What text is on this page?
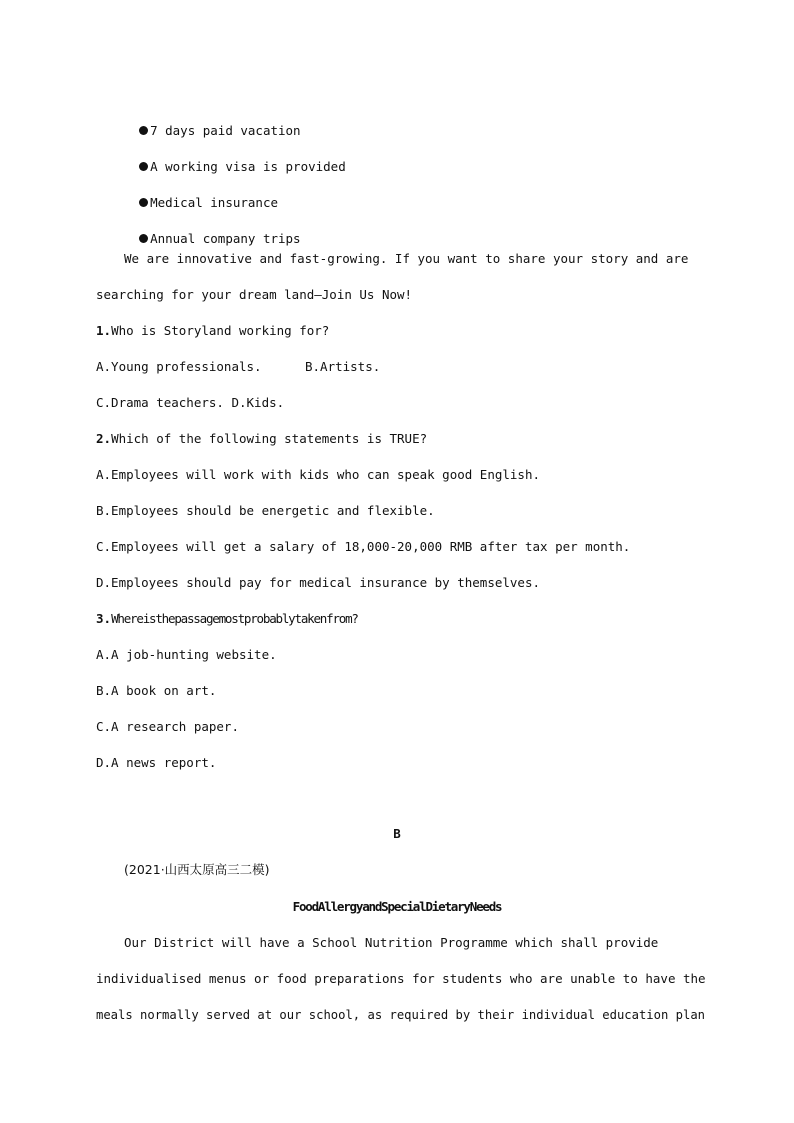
7 days paid vacation

A working visa is provided

Medical insurance

Annual company trips

We are innovative and fast-growing. If you want to share your story and are
searching for your dream land—Join Us Now!
1.Who is Storyland working for?
A.Young professionals.	B.Artists.
C.Drama teachers. D.Kids.
2.Which of the following statements is TRUE?
A.Employees will work with kids who can speak good English.
B.Employees should be energetic and flexible.
C.Employees will get a salary of 18,000-20,000 RMB after tax per month.
D.Employees should pay for medical insurance by themselves.
3.Whereisthepassagemostprobablytakenfrom?
A.A job-hunting website.
B.A book on art.
C.A research paper.
D.A news report.
B
(2021·山西太原高三二模)
FoodAllergyandSpecialDietaryNeeds
Our District will have a School Nutrition Programme which shall provide
individualised menus or food preparations for students who are unable to have the
meals normally served at our school, as required by their individual education plan
